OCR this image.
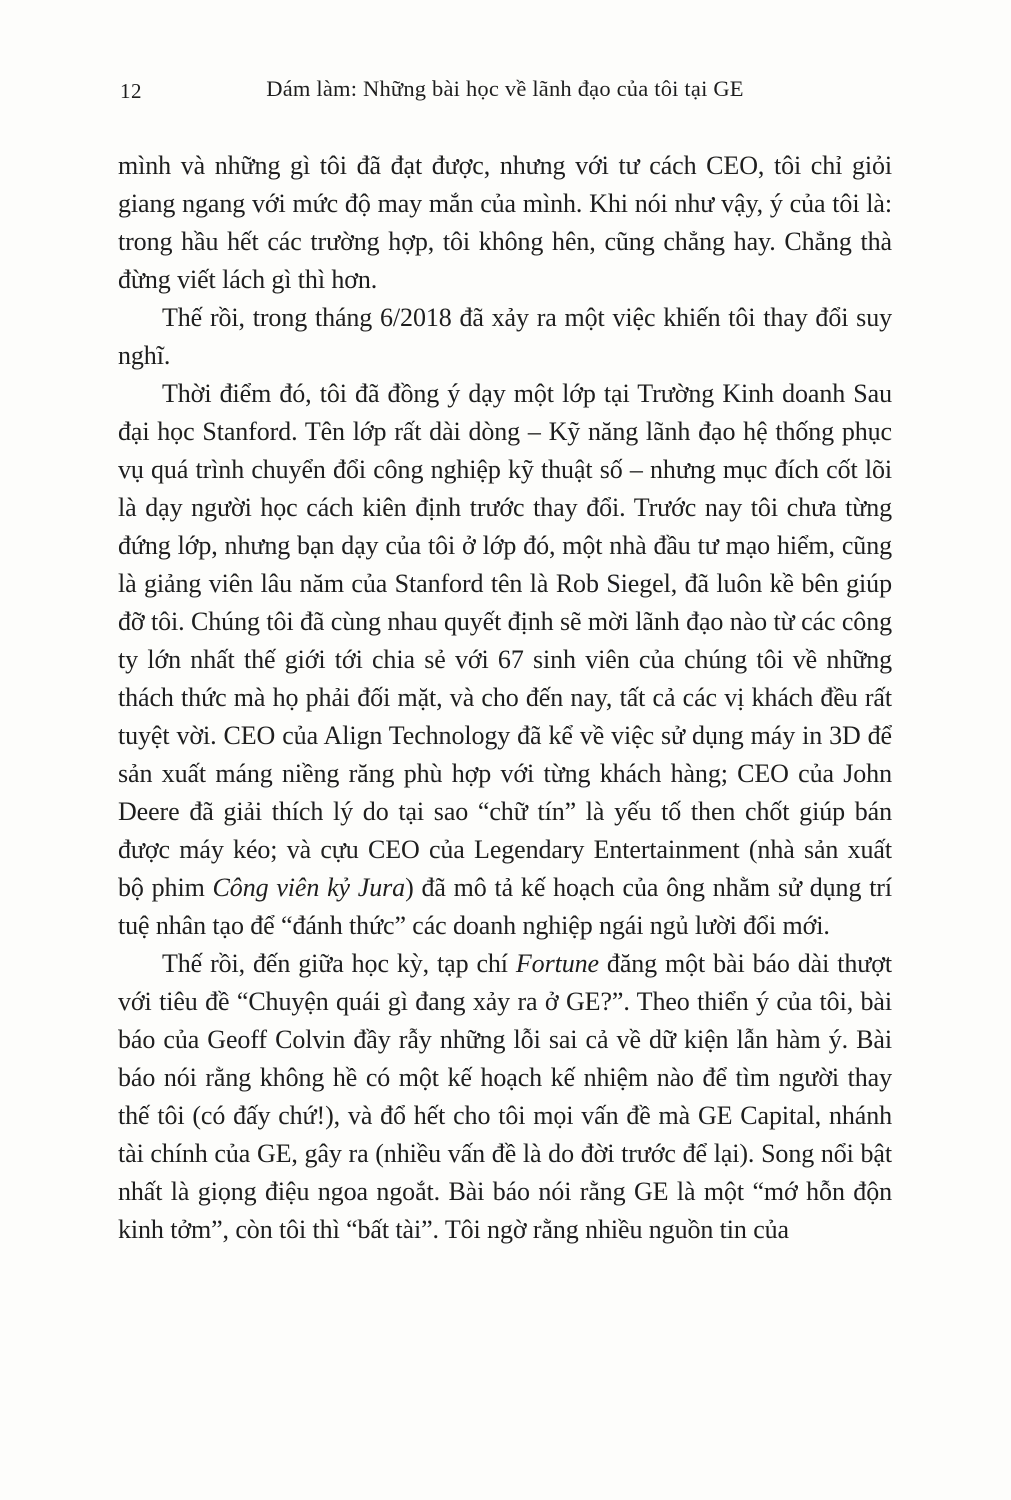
12	Dám làm: Những bài học về lãnh đạo của tôi tại GE

mình và những gì tôi đã đạt được, nhưng với tư cách CEO, tôi chỉ giỏi giang ngang với mức độ may mắn của mình. Khi nói như vậy, ý của tôi là: trong hầu hết các trường hợp, tôi không hên, cũng chẳng hay. Chẳng thà đừng viết lách gì thì hơn.

Thế rồi, trong tháng 6/2018 đã xảy ra một việc khiến tôi thay đổi suy nghĩ.

Thời điểm đó, tôi đã đồng ý dạy một lớp tại Trường Kinh doanh Sau đại học Stanford. Tên lớp rất dài dòng – Kỹ năng lãnh đạo hệ thống phục vụ quá trình chuyển đổi công nghiệp kỹ thuật số – nhưng mục đích cốt lõi là dạy người học cách kiên định trước thay đổi. Trước nay tôi chưa từng đứng lớp, nhưng bạn dạy của tôi ở lớp đó, một nhà đầu tư mạo hiểm, cũng là giảng viên lâu năm của Stanford tên là Rob Siegel, đã luôn kề bên giúp đỡ tôi. Chúng tôi đã cùng nhau quyết định sẽ mời lãnh đạo nào từ các công ty lớn nhất thế giới tới chia sẻ với 67 sinh viên của chúng tôi về những thách thức mà họ phải đối mặt, và cho đến nay, tất cả các vị khách đều rất tuyệt vời. CEO của Align Technology đã kể về việc sử dụng máy in 3D để sản xuất máng niềng răng phù hợp với từng khách hàng; CEO của John Deere đã giải thích lý do tại sao “chữ tín” là yếu tố then chốt giúp bán được máy kéo; và cựu CEO của Legendary Entertainment (nhà sản xuất bộ phim Công viên kỷ Jura) đã mô tả kế hoạch của ông nhằm sử dụng trí tuệ nhân tạo để “đánh thức” các doanh nghiệp ngái ngủ lười đổi mới.

Thế rồi, đến giữa học kỳ, tạp chí Fortune đăng một bài báo dài thượt với tiêu đề “Chuyện quái gì đang xảy ra ở GE?”. Theo thiển ý của tôi, bài báo của Geoff Colvin đầy rẫy những lỗi sai cả về dữ kiện lẫn hàm ý. Bài báo nói rằng không hề có một kế hoạch kế nhiệm nào để tìm người thay thế tôi (có đấy chứ!), và đổ hết cho tôi mọi vấn đề mà GE Capital, nhánh tài chính của GE, gây ra (nhiều vấn đề là do đời trước để lại). Song nổi bật nhất là giọng điệu ngoa ngoắt. Bài báo nói rằng GE là một “mớ hỗn độn kinh tởm”, còn tôi thì “bất tài”. Tôi ngờ rằng nhiều nguồn tin của
